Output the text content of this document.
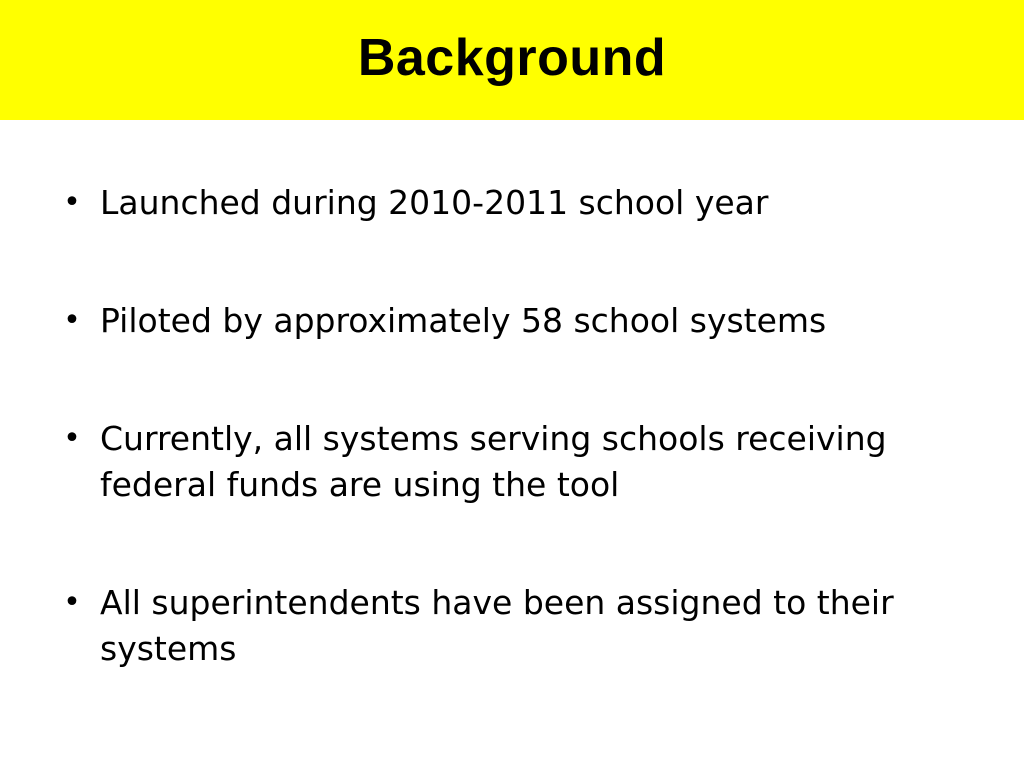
Background
• Launched during 2010-2011 school year
• Piloted by approximately 58 school systems
• Currently, all systems serving schools receiving federal funds are using the tool
• All superintendents have been assigned to their systems
